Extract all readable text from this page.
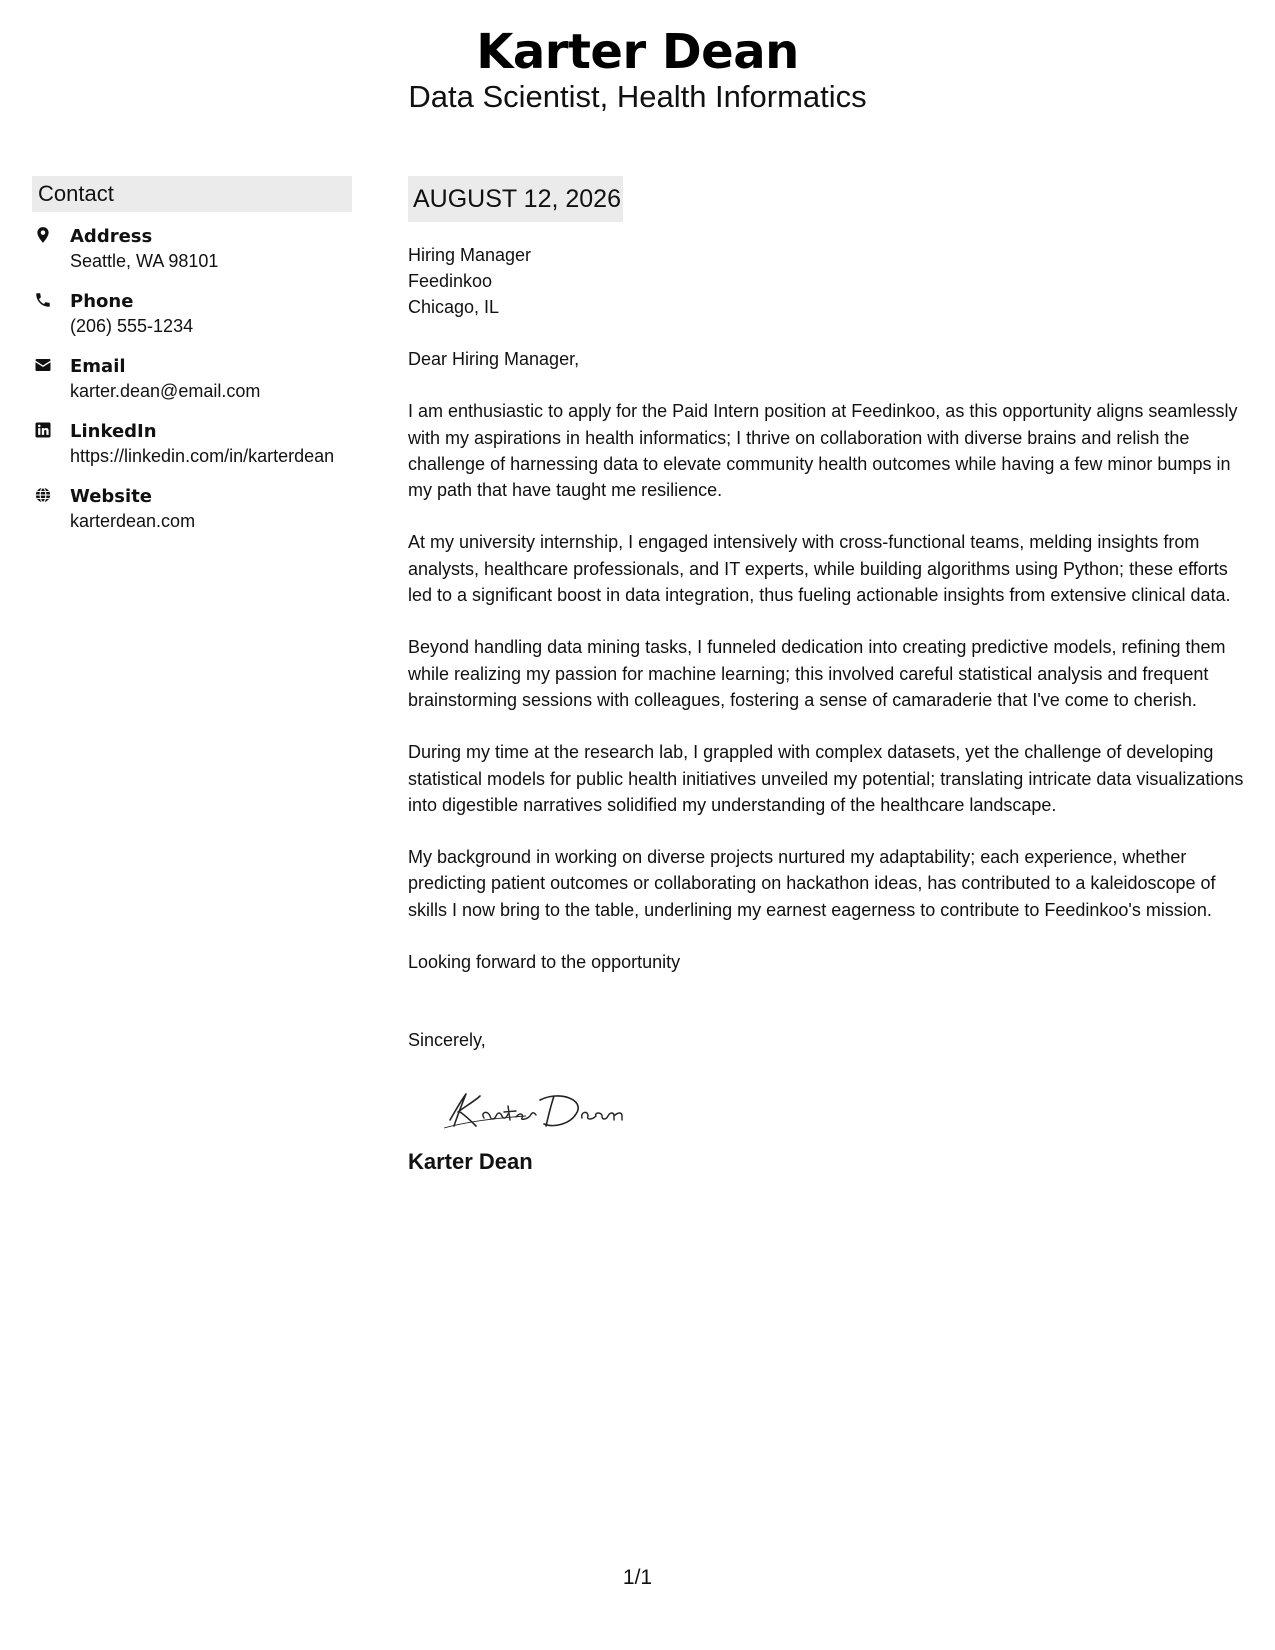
Karter Dean
Data Scientist, Health Informatics
Contact
Address
Seattle, WA 98101
Phone
(206) 555-1234
Email
karter.dean@email.com
LinkedIn
https://linkedin.com/in/karterdean
Website
karterdean.com
AUGUST 12, 2026
Hiring Manager
Feedinkoo
Chicago, IL

Dear Hiring Manager,

I am enthusiastic to apply for the Paid Intern position at Feedinkoo, as this opportunity aligns seamlessly with my aspirations in health informatics; I thrive on collaboration with diverse brains and relish the challenge of harnessing data to elevate community health outcomes while having a few minor bumps in my path that have taught me resilience.

At my university internship, I engaged intensively with cross-functional teams, melding insights from analysts, healthcare professionals, and IT experts, while building algorithms using Python; these efforts led to a significant boost in data integration, thus fueling actionable insights from extensive clinical data.

Beyond handling data mining tasks, I funneled dedication into creating predictive models, refining them while realizing my passion for machine learning; this involved careful statistical analysis and frequent brainstorming sessions with colleagues, fostering a sense of camaraderie that I've come to cherish.

During my time at the research lab, I grappled with complex datasets, yet the challenge of developing statistical models for public health initiatives unveiled my potential; translating intricate data visualizations into digestible narratives solidified my understanding of the healthcare landscape.

My background in working on diverse projects nurtured my adaptability; each experience, whether predicting patient outcomes or collaborating on hackathon ideas, has contributed to a kaleidoscope of skills I now bring to the table, underlining my earnest eagerness to contribute to Feedinkoo's mission.

Looking forward to the opportunity

Sincerely,

Karter Dean
1/1
